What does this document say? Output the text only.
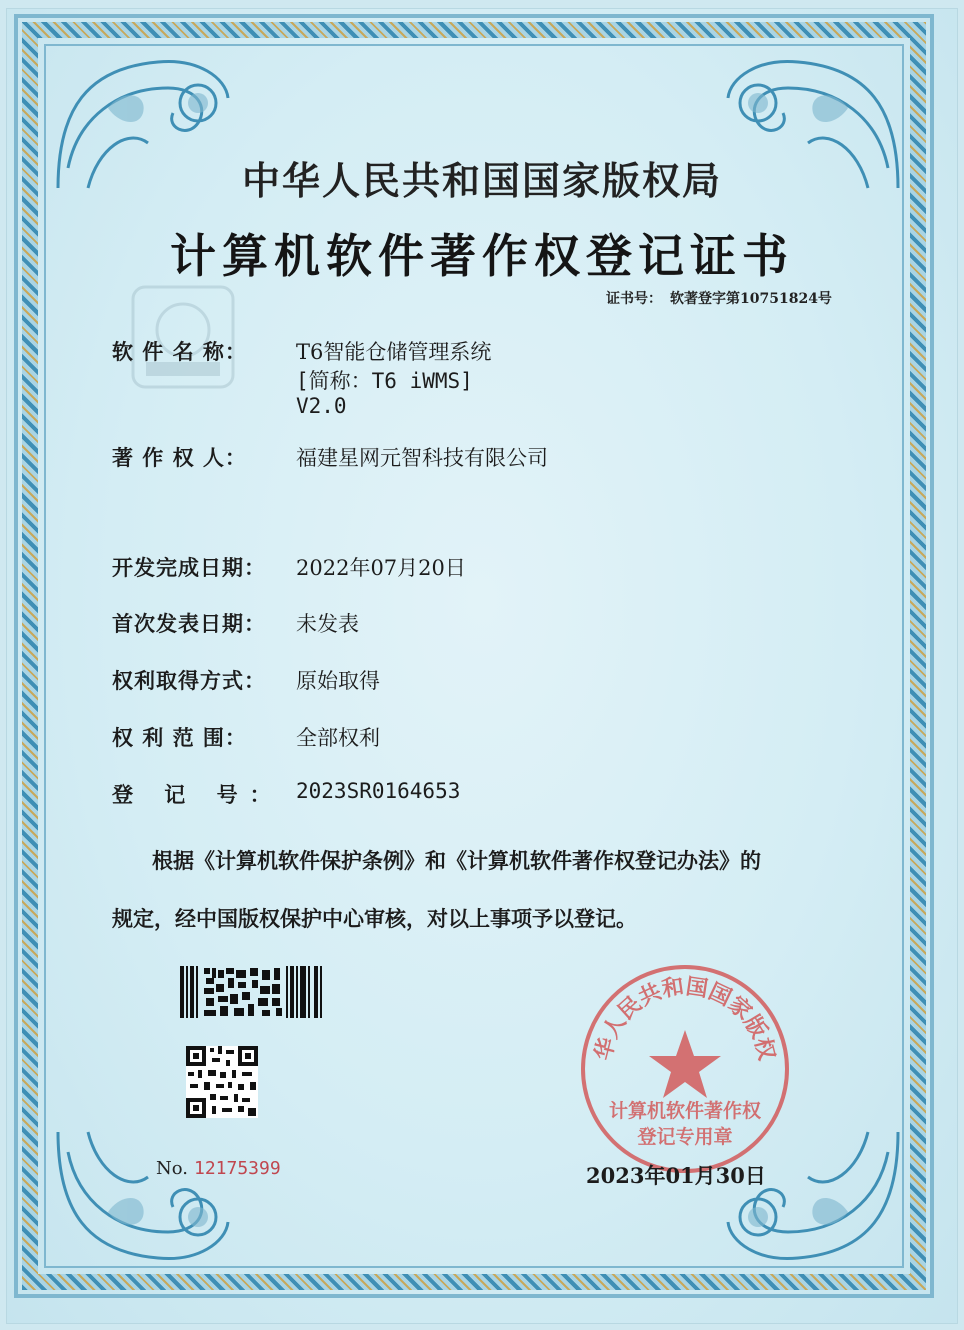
中华人民共和国国家版权局
计算机软件著作权登记证书
证书号： 软著登字第10751824号
软 件 名 称： T6智能仓储管理系统
[简称：T6 iWMS]
V2.0
著 作 权 人： 福建星网元智科技有限公司
开发完成日期： 2022年07月20日
首次发表日期： 未发表
权利取得方式： 原始取得
权 利 范 围： 全部权利
登 记 号： 2023SR0164653
根据《计算机软件保护条例》和《计算机软件著作权登记办法》的
规定，经中国版权保护中心审核，对以上事项予以登记。
No. 12175399
华人民共和国国家版权
计算机软件著作权
登记专用章
2023年01月30日
